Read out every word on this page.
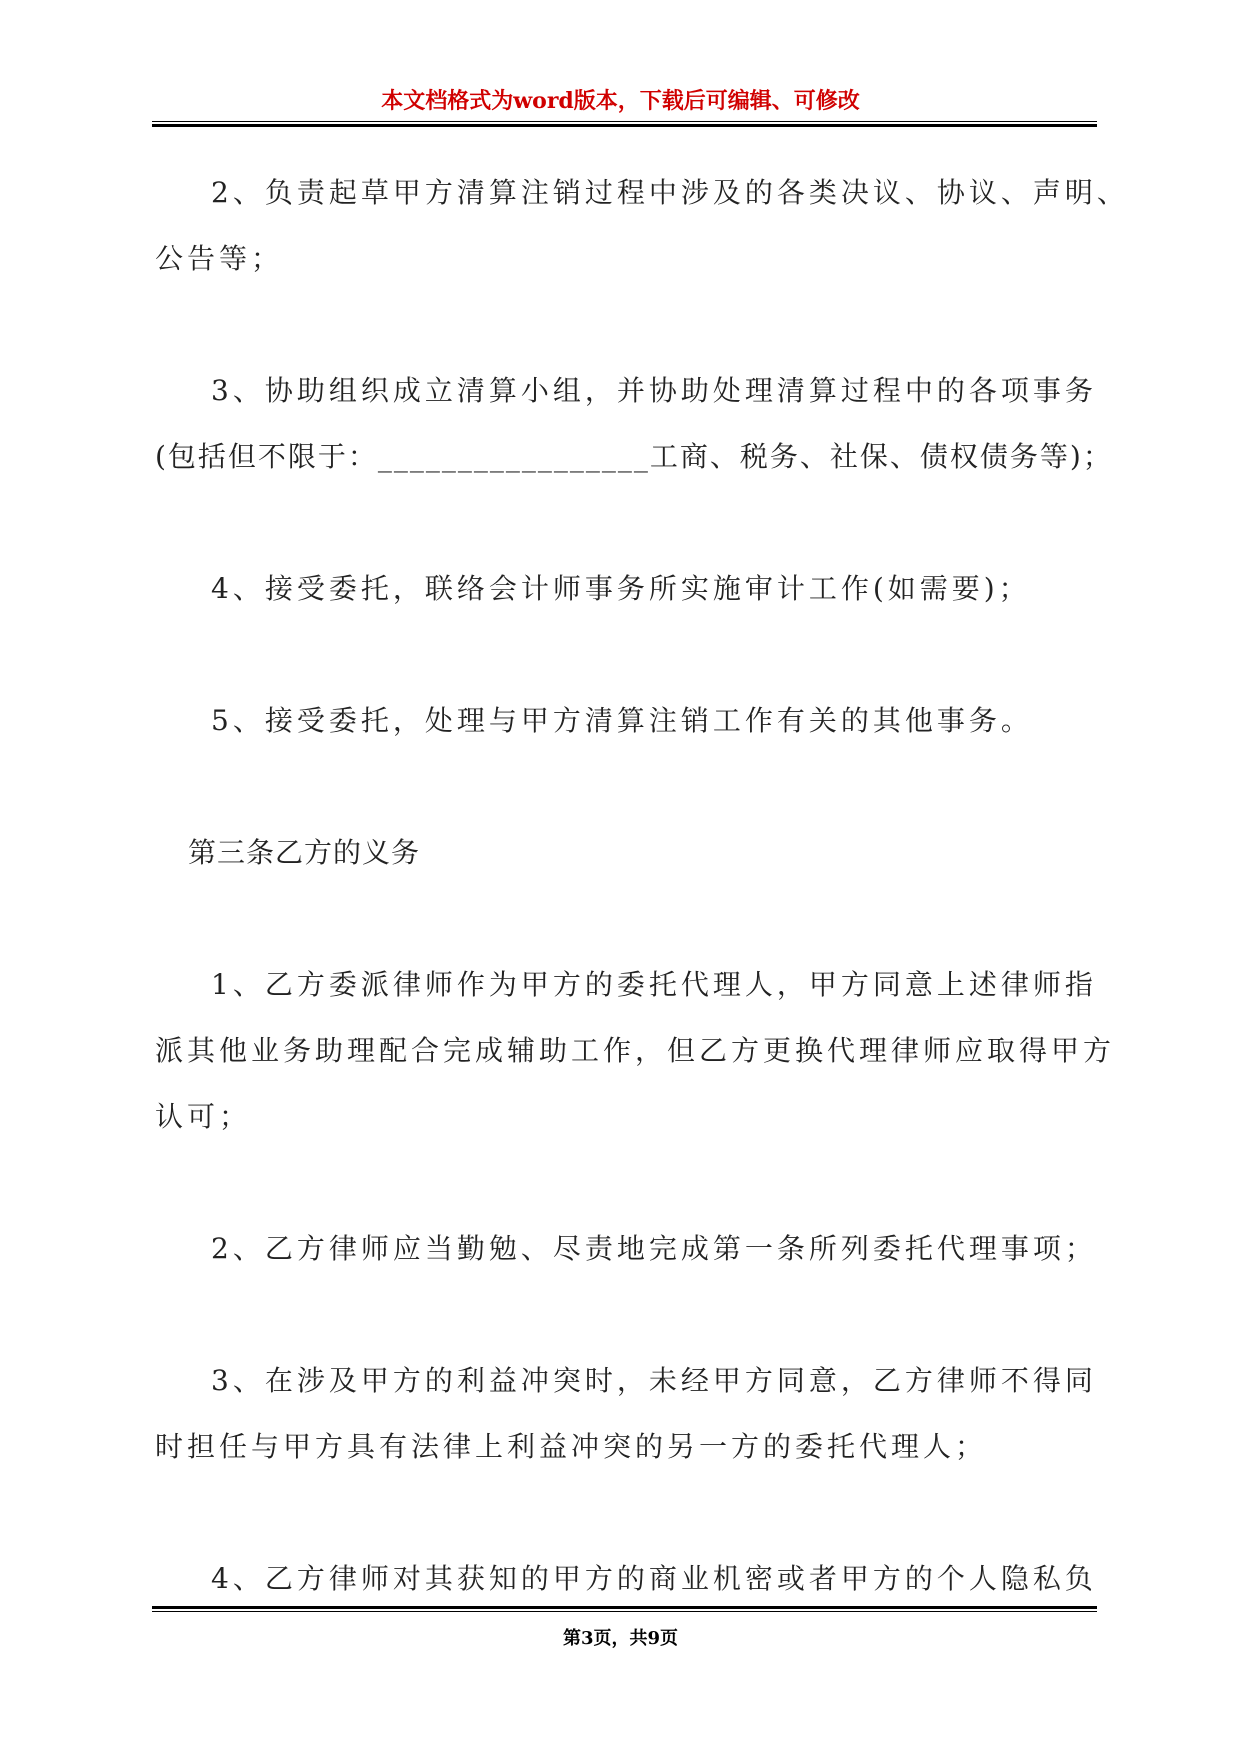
本文档格式为word版本，下载后可编辑、可修改

2、负责起草甲方清算注销过程中涉及的各类决议、协议、声明、
公告等；

3、协助组织成立清算小组，并协助处理清算过程中的各项事务
(包括但不限于：_________________工商、税务、社保、债权债务等)；

4、接受委托，联络会计师事务所实施审计工作(如需要)；

5、接受委托，处理与甲方清算注销工作有关的其他事务。

第三条乙方的义务

1、乙方委派律师作为甲方的委托代理人，甲方同意上述律师指
派其他业务助理配合完成辅助工作，但乙方更换代理律师应取得甲方
认可；

2、乙方律师应当勤勉、尽责地完成第一条所列委托代理事项；

3、在涉及甲方的利益冲突时，未经甲方同意，乙方律师不得同
时担任与甲方具有法律上利益冲突的另一方的委托代理人；

4、乙方律师对其获知的甲方的商业机密或者甲方的个人隐私负

第3页，共9页
